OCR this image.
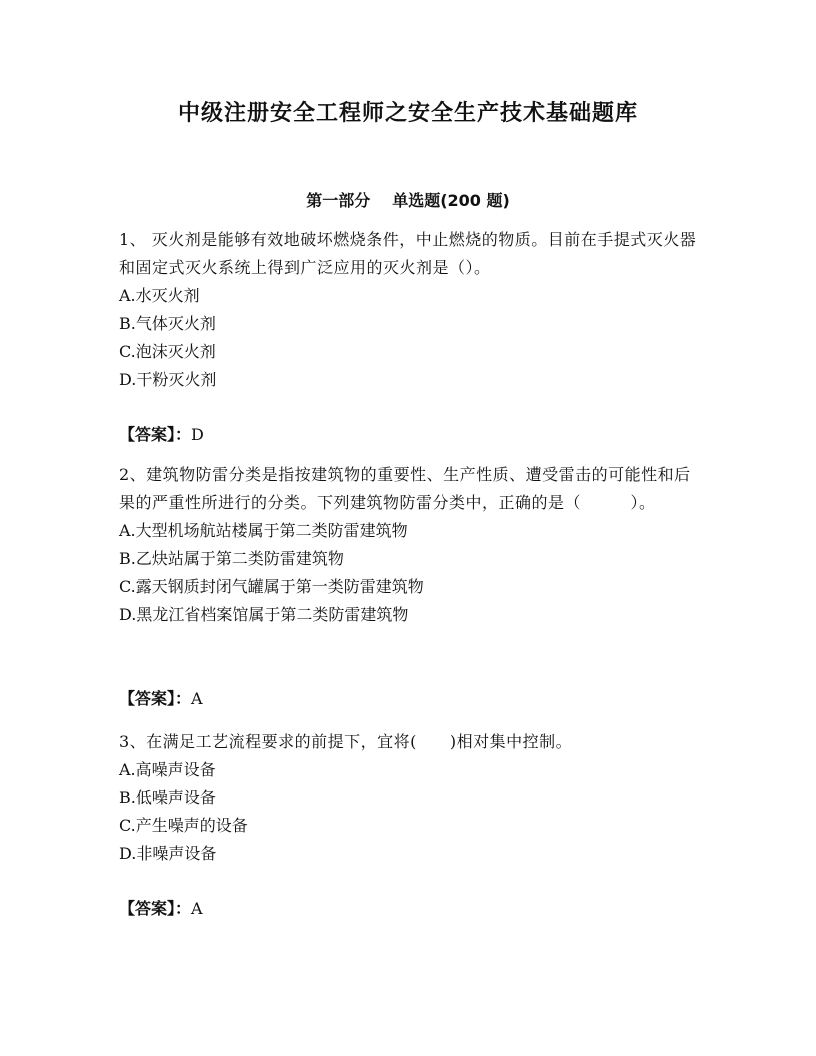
中级注册安全工程师之安全生产技术基础题库
第一部分 单选题(200 题)

1、 灭火剂是能够有效地破坏燃烧条件，中止燃烧的物质。目前在手提式灭火器和固定式灭火系统上得到广泛应用的灭火剂是（）。

A.水灭火剂

B.气体灭火剂

C.泡沫灭火剂

D.干粉灭火剂

【答案】：D

2、建筑物防雷分类是指按建筑物的重要性、生产性质、遭受雷击的可能性和后果的严重性所进行的分类。下列建筑物防雷分类中，正确的是（　　　）。

A.大型机场航站楼属于第二类防雷建筑物

B.乙炔站属于第二类防雷建筑物

C.露天钢质封闭气罐属于第一类防雷建筑物

D.黑龙江省档案馆属于第二类防雷建筑物

【答案】：A

3、在满足工艺流程要求的前提下，宜将(　　)相对集中控制。

A.高噪声设备

B.低噪声设备

C.产生噪声的设备

D.非噪声设备

【答案】：A
